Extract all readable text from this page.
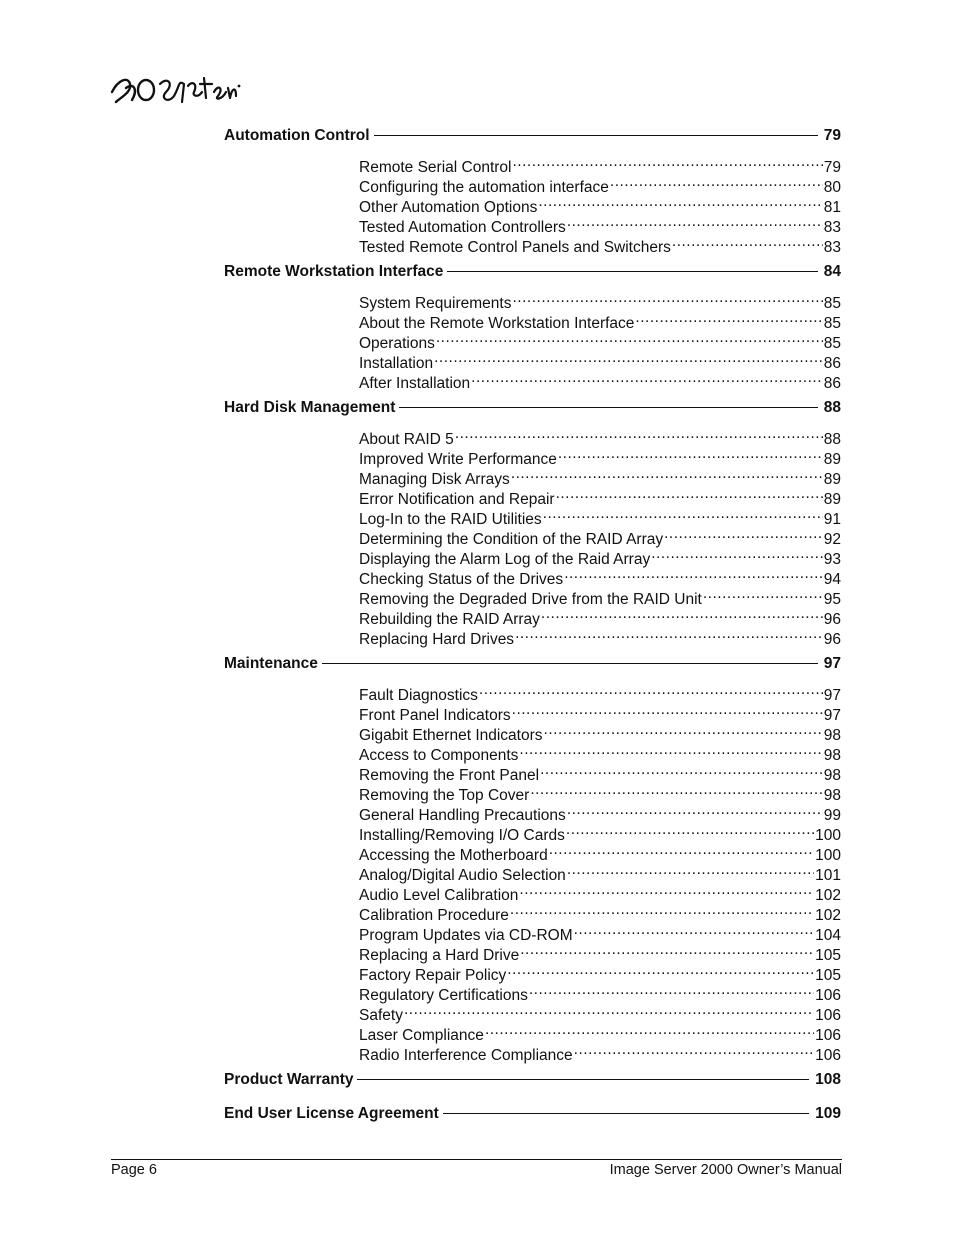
Automation Control	79
Remote Serial Control .....	79
Configuring the automation interface .....	80
Other Automation Options .....	81
Tested Automation Controllers .....	83
Tested Remote Control Panels and Switchers .....	83
Remote Workstation Interface	84
System Requirements .....	85
About the Remote Workstation Interface .....	85
Operations .....	85
Installation .....	86
After Installation .....	86
Hard Disk Management	88
About RAID 5 .....	88
Improved Write Performance .....	89
Managing Disk Arrays .....	89
Error Notification and Repair .....	89
Log-In to the RAID Utilities .....	91
Determining the Condition of the RAID Array .....	92
Displaying the Alarm Log of the Raid Array .....	93
Checking Status of the Drives .....	94
Removing the Degraded Drive from the RAID Unit .....	95
Rebuilding the RAID Array .....	96
Replacing Hard Drives .....	96
Maintenance	97
Fault Diagnostics .....	97
Front Panel Indicators .....	97
Gigabit Ethernet Indicators .....	98
Access to Components .....	98
Removing the Front Panel .....	98
Removing the Top Cover .....	98
General Handling Precautions .....	99
Installing/Removing I/O Cards .....	100
Accessing the Motherboard .....	100
Analog/Digital Audio Selection .....	101
Audio Level Calibration .....	102
Calibration Procedure .....	102
Program Updates via CD-ROM .....	104
Replacing a Hard Drive .....	105
Factory Repair Policy .....	105
Regulatory Certifications .....	106
Safety .....	106
Laser Compliance .....	106
Radio Interference Compliance .....	106
Product Warranty	108
End User License Agreement	109
Page 6	Image Server 2000 Owner’s Manual
